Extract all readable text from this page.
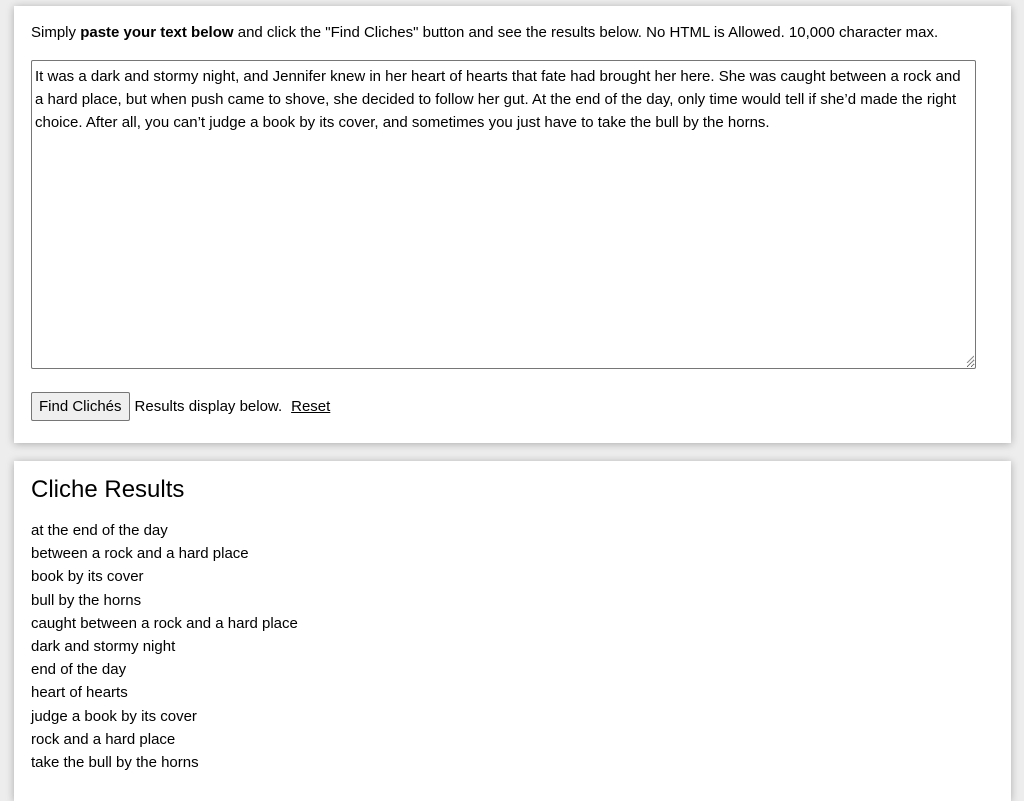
Simply paste your text below and click the "Find Cliches" button and see the results below. No HTML is Allowed. 10,000 character max.
It was a dark and stormy night, and Jennifer knew in her heart of hearts that fate had brought her here. She was caught between a rock and a hard place, but when push came to shove, she decided to follow her gut. At the end of the day, only time would tell if she’d made the right choice. After all, you can’t judge a book by its cover, and sometimes you just have to take the bull by the horns.
Find Clichés Results display below. Reset
Cliche Results
at the end of the day
between a rock and a hard place
book by its cover
bull by the horns
caught between a rock and a hard place
dark and stormy night
end of the day
heart of hearts
judge a book by its cover
rock and a hard place
take the bull by the horns
